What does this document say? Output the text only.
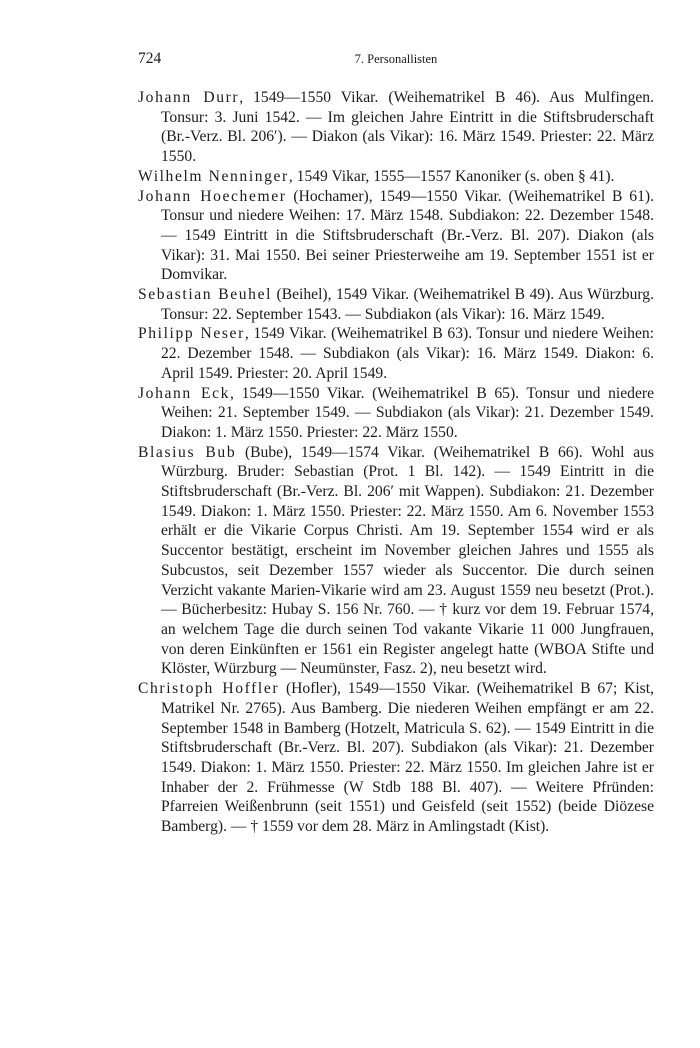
724	7. Personallisten

Johann Durr, 1549—1550 Vikar. (Weihematrikel B 46). Aus Mulfingen. Tonsur: 3. Juni 1542. — Im gleichen Jahre Eintritt in die Stiftsbruderschaft (Br.-Verz. Bl. 206′). — Diakon (als Vikar): 16. März 1549. Priester: 22. März 1550.

Wilhelm Nenninger, 1549 Vikar, 1555—1557 Kanoniker (s. oben § 41).

Johann Hoechemer (Hochamer), 1549—1550 Vikar. (Weihematrikel B 61). Tonsur und niedere Weihen: 17. März 1548. Subdiakon: 22. Dezember 1548. — 1549 Eintritt in die Stiftsbruderschaft (Br.-Verz. Bl. 207). Diakon (als Vikar): 31. Mai 1550. Bei seiner Priesterweihe am 19. September 1551 ist er Domvikar.

Sebastian Beuhel (Beihel), 1549 Vikar. (Weihematrikel B 49). Aus Würzburg. Tonsur: 22. September 1543. — Subdiakon (als Vikar): 16. März 1549.

Philipp Neser, 1549 Vikar. (Weihematrikel B 63). Tonsur und niedere Weihen: 22. Dezember 1548. — Subdiakon (als Vikar): 16. März 1549. Diakon: 6. April 1549. Priester: 20. April 1549.

Johann Eck, 1549—1550 Vikar. (Weihematrikel B 65). Tonsur und niedere Weihen: 21. September 1549. — Subdiakon (als Vikar): 21. Dezember 1549. Diakon: 1. März 1550. Priester: 22. März 1550.

Blasius Bub (Bube), 1549—1574 Vikar. (Weihematrikel B 66). Wohl aus Würzburg. Bruder: Sebastian (Prot. 1 Bl. 142). — 1549 Eintritt in die Stiftsbruderschaft (Br.-Verz. Bl. 206′ mit Wappen). Subdiakon: 21. Dezember 1549. Diakon: 1. März 1550. Priester: 22. März 1550. Am 6. November 1553 erhält er die Vikarie Corpus Christi. Am 19. September 1554 wird er als Succentor bestätigt, erscheint im November gleichen Jahres und 1555 als Subcustos, seit Dezember 1557 wieder als Succentor. Die durch seinen Verzicht vakante Marien-Vikarie wird am 23. August 1559 neu besetzt (Prot.). — Bücherbesitz: Hubay S. 156 Nr. 760. — † kurz vor dem 19. Februar 1574, an welchem Tage die durch seinen Tod vakante Vikarie 11 000 Jungfrauen, von deren Einkünften er 1561 ein Register angelegt hatte (WBOA Stifte und Klöster, Würzburg — Neumünster, Fasz. 2), neu besetzt wird.

Christoph Hoffler (Hofler), 1549—1550 Vikar. (Weihematrikel B 67; Kist, Matrikel Nr. 2765). Aus Bamberg. Die niederen Weihen empfängt er am 22. September 1548 in Bamberg (Hotzelt, Matricula S. 62). — 1549 Eintritt in die Stiftsbruderschaft (Br.-Verz. Bl. 207). Subdiakon (als Vikar): 21. Dezember 1549. Diakon: 1. März 1550. Priester: 22. März 1550. Im gleichen Jahre ist er Inhaber der 2. Frühmesse (W Stdb 188 Bl. 407). — Weitere Pfründen: Pfarreien Weißenbrunn (seit 1551) und Geisfeld (seit 1552) (beide Diözese Bamberg). — † 1559 vor dem 28. März in Amlingstadt (Kist).
